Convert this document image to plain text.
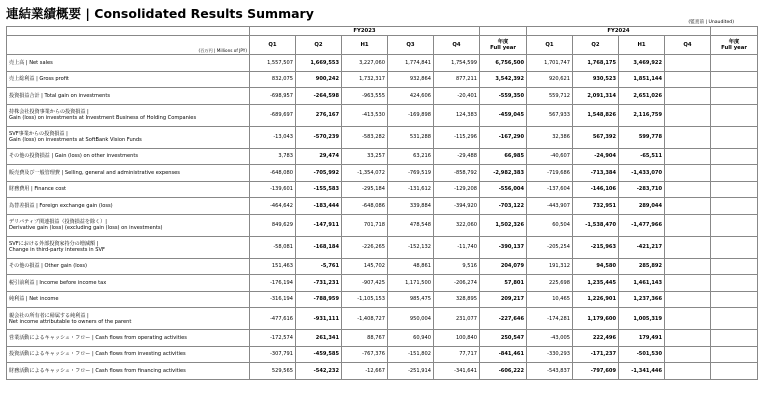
連結業績概要 | Consolidated Results Summary
(監査前 | Unaudited)
	FY2023						FY2024				
(百万円 | Millions of JPY)	Q1	Q2	H1	Q3	Q4	年度
Full year	Q1	Q2	H1	Q4	年度
Full year
売上高 | Net sales	1,557,507	1,669,553	3,227,060	1,774,841	1,754,599	6,756,500	1,701,747	1,768,175	3,469,922		
売上総利益 | Gross profit	832,075	900,242	1,732,317	932,864	877,211	3,542,392	920,621	930,523	1,851,144		
投資損益合計 | Total gain on investments	-698,957	-264,598	-963,555	424,606	-20,401	-559,350	559,712	2,091,314	2,651,026		
持株会社投資事業からの投資損益 |
Gain (loss) on investments at Investment Business of Holding Companies	-689,697	276,167	-413,530	-169,898	124,383	-459,045	567,933	1,548,826	2,116,759		
SVF事業からの投資損益 |
Gain (loss) on investments at SoftBank Vision Funds	-13,043	-570,239	-583,282	531,288	-115,296	-167,290	32,386	567,392	599,778		
その他の投資損益 | Gain (loss) on other investments	3,783	29,474	33,257	63,216	-29,488	66,985	-40,607	-24,904	-65,511		
販売費及び一般管理費 | Selling, general and administrative expenses	-648,080	-705,992	-1,354,072	-769,519	-858,792	-2,982,383	-719,686	-713,384	-1,433,070		
財務費用 | Finance cost	-139,601	-155,583	-295,184	-131,612	-129,208	-556,004	-137,604	-146,106	-283,710		
為替差損益 | Foreign exchange gain (loss)	-464,642	-183,444	-648,086	339,884	-394,920	-703,122	-443,907	732,951	289,044		
デリバティブ関連損益（投資損益を除く）|
Derivative gain (loss) (excluding gain (loss) on investments)	849,629	-147,911	701,718	478,548	322,060	1,502,326	60,504	-1,538,470	-1,477,966		
SVFにおける外部投資家持分の増減額 |
Change in third-party interests in SVF	-58,081	-168,184	-226,265	-152,132	-11,740	-390,137	-205,254	-215,963	-421,217		
その他の損益 | Other gain (loss)	151,463	-5,761	145,702	48,861	9,516	204,079	191,312	94,580	285,892		
税引前利益 | Income before income tax	-176,194	-731,231	-907,425	1,171,500	-206,274	57,801	225,698	1,235,445	1,461,143		
純利益 | Net income	-316,194	-788,959	-1,105,153	985,475	328,895	209,217	10,465	1,226,901	1,237,366		
親会社の所有者に帰属する純利益 |
Net income attributable to owners of the parent	-477,616	-931,111	-1,408,727	950,004	231,077	-227,646	-174,281	1,179,600	1,005,319		
営業活動によるキャッシュ・フロー | Cash flows from operating activities	-172,574	261,341	88,767	60,940	100,840	250,547	-43,005	222,496	179,491		
投資活動によるキャッシュ・フロー | Cash flows from investing activities	-307,791	-459,585	-767,376	-151,802	77,717	-841,461	-330,293	-171,237	-501,530		
財務活動によるキャッシュ・フロー | Cash flows from financing activities	529,565	-542,232	-12,667	-251,914	-341,641	-606,222	-543,837	-797,609	-1,341,446		
